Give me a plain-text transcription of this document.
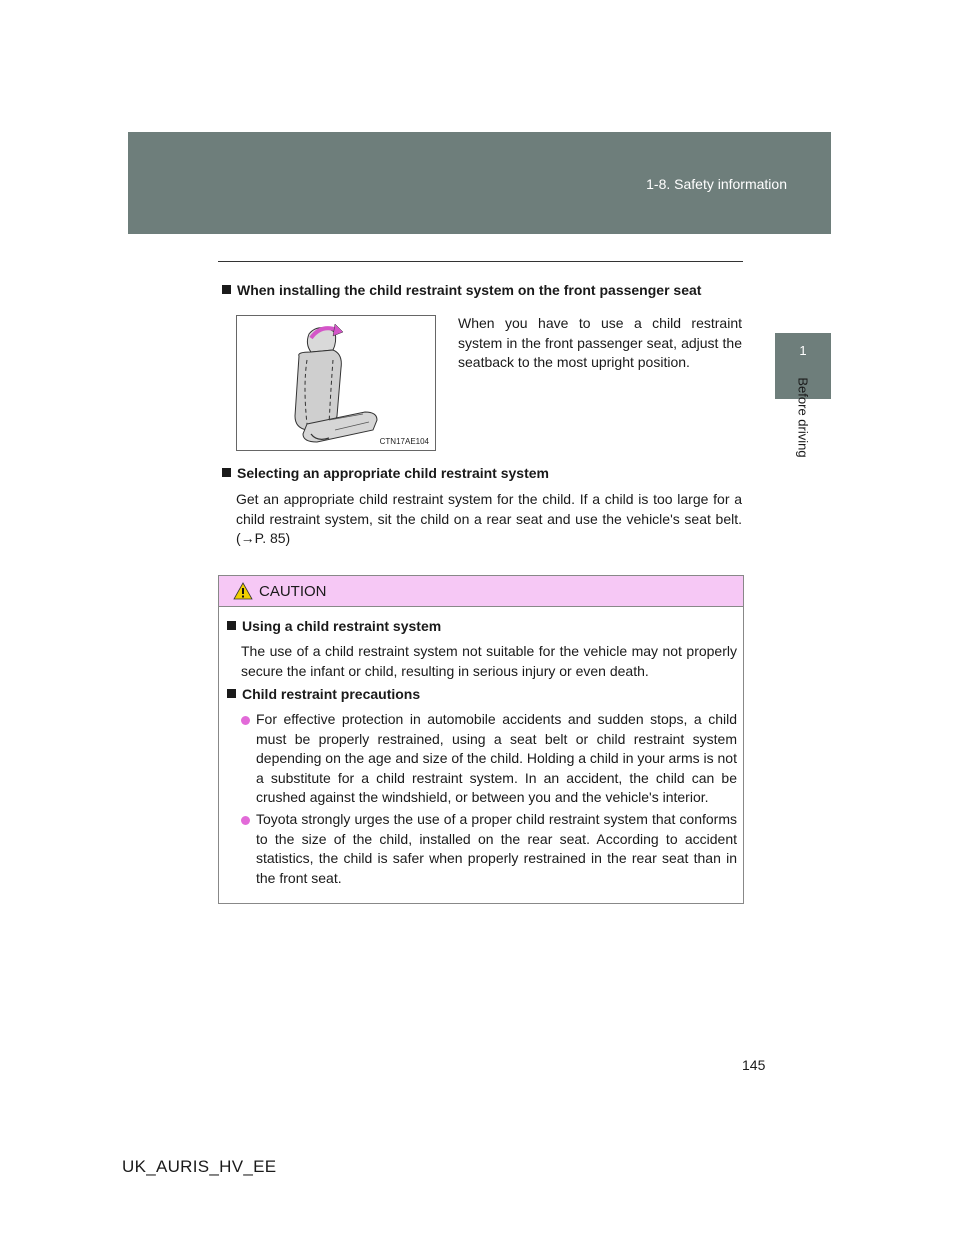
1-8. Safety information
1
Before driving
When installing the child restraint system on the front passenger seat
CTN17AE104
When you have to use a child restraint system in the front passenger seat, adjust the seatback to the most upright position.
Selecting an appropriate child restraint system
Get an appropriate child restraint system for the child. If a child is too large for a child restraint system, sit the child on a rear seat and use the vehicle's seat belt. (→P. 85)
CAUTION
Using a child restraint system
The use of a child restraint system not suitable for the vehicle may not properly secure the infant or child, resulting in serious injury or even death.
Child restraint precautions
For effective protection in automobile accidents and sudden stops, a child must be properly restrained, using a seat belt or child restraint system depending on the age and size of the child. Holding a child in your arms is not a substitute for a child restraint system. In an accident, the child can be crushed against the windshield, or between you and the vehicle's interior.
Toyota strongly urges the use of a proper child restraint system that conforms to the size of the child, installed on the rear seat. According to accident statistics, the child is safer when properly restrained in the rear seat than in the front seat.
145
UK_AURIS_HV_EE
